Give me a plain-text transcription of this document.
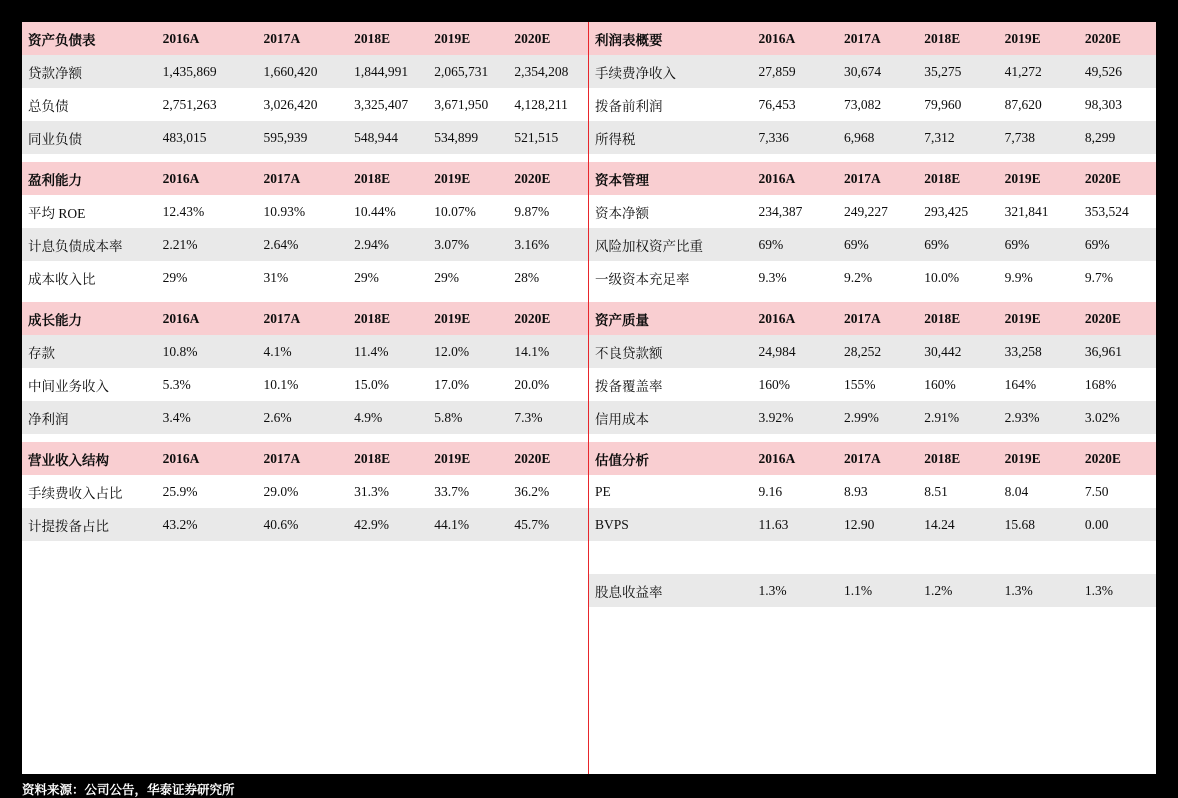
资产负债表	2016A	2017A	2018E	2019E	2020E
贷款净额	1,435,869	1,660,420	1,844,991	2,065,731	2,354,208
总负债	2,751,263	3,026,420	3,325,407	3,671,950	4,128,211
同业负债	483,015	595,939	548,944	534,899	521,515

盈利能力	2016A	2017A	2018E	2019E	2020E
平均 ROE	12.43%	10.93%	10.44%	10.07%	9.87%
计息负债成本率	2.21%	2.64%	2.94%	3.07%	3.16%
成本收入比	29%	31%	29%	29%	28%

成长能力	2016A	2017A	2018E	2019E	2020E
存款	10.8%	4.1%	11.4%	12.0%	14.1%
中间业务收入	5.3%	10.1%	15.0%	17.0%	20.0%
净利润	3.4%	2.6%	4.9%	5.8%	7.3%

营业收入结构	2016A	2017A	2018E	2019E	2020E
手续费收入占比	25.9%	29.0%	31.3%	33.7%	36.2%
计提拨备占比	43.2%	40.6%	42.9%	44.1%	45.7%
利润表概要	2016A	2017A	2018E	2019E	2020E
手续费净收入	27,859	30,674	35,275	41,272	49,526
拨备前利润	76,453	73,082	79,960	87,620	98,303
所得税	7,336	6,968	7,312	7,738	8,299

资本管理	2016A	2017A	2018E	2019E	2020E
资本净额	234,387	249,227	293,425	321,841	353,524
风险加权资产比重	69%	69%	69%	69%	69%
一级资本充足率	9.3%	9.2%	10.0%	9.9%	9.7%

资产质量	2016A	2017A	2018E	2019E	2020E
不良贷款额	24,984	28,252	30,442	33,258	36,961
拨备覆盖率	160%	155%	160%	164%	168%
信用成本	3.92%	2.99%	2.91%	2.93%	3.02%

估值分析	2016A	2017A	2018E	2019E	2020E
PE	9.16	8.93	8.51	8.04	7.50
BVPS	11.63	12.90	14.24	15.68	0.00

股息收益率	1.3%	1.1%	1.2%	1.3%	1.3%
资料来源：公司公告，华泰证券研究所
